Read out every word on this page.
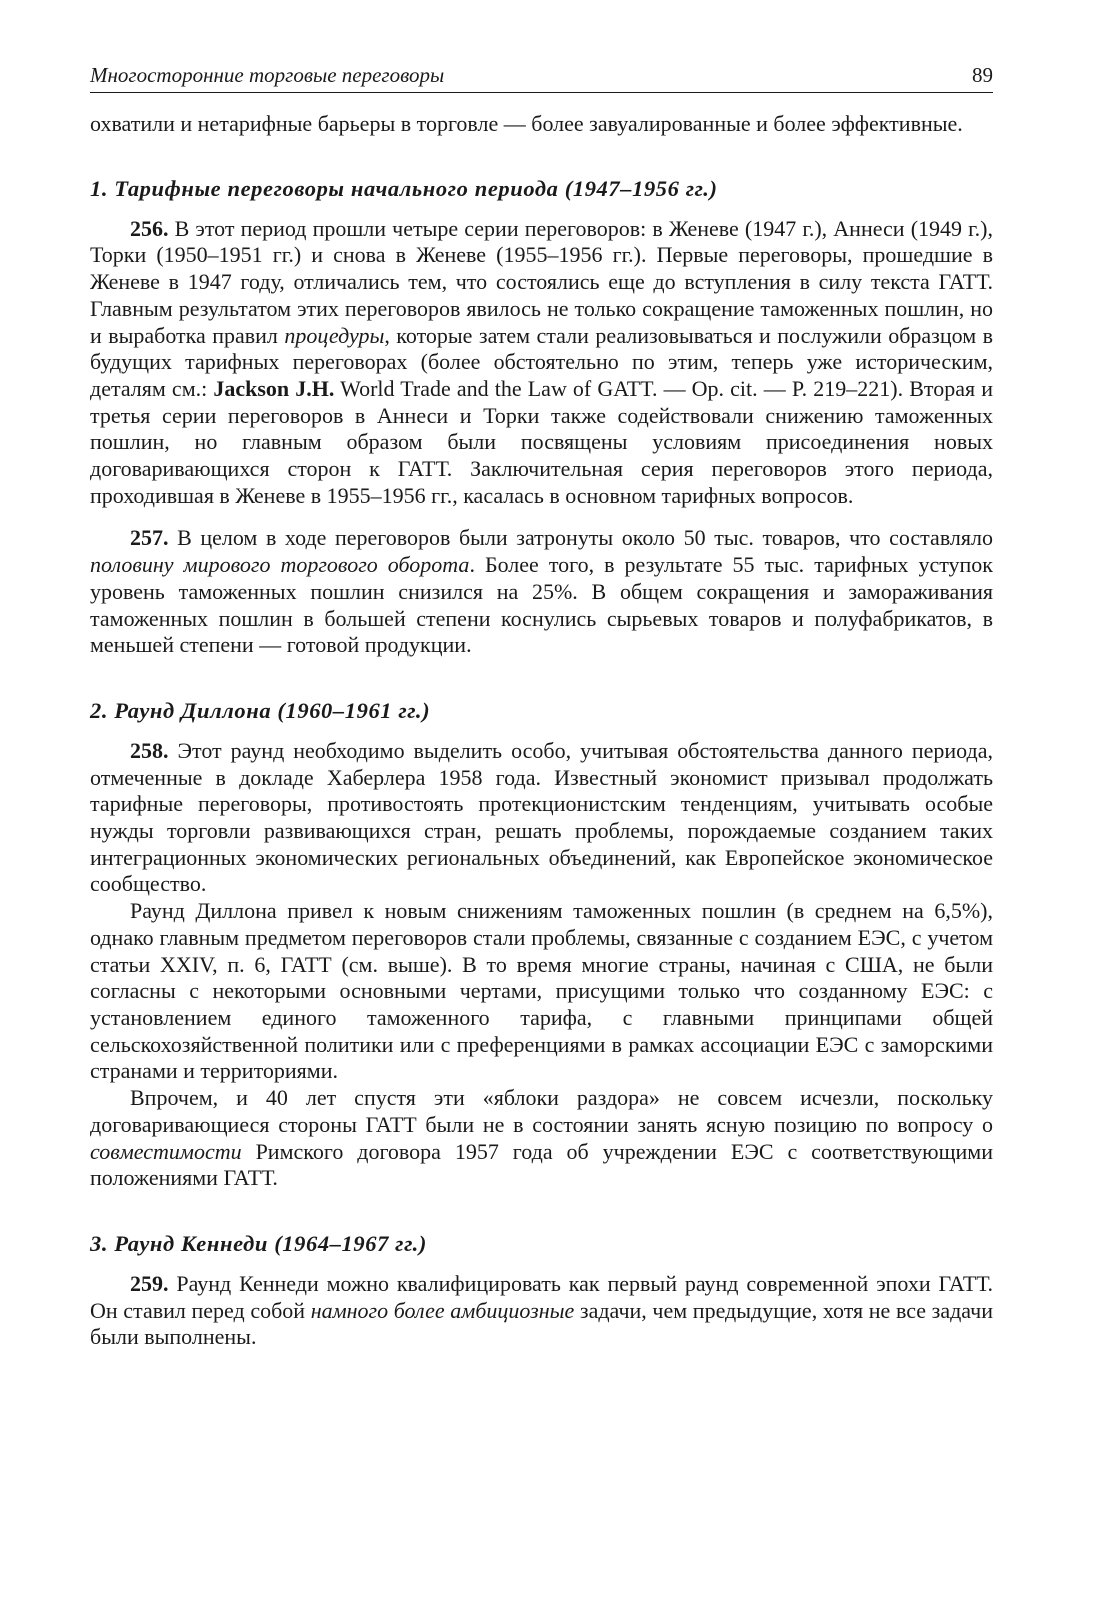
Многосторонние торговые переговоры	89

охватили и нетарифные барьеры в торговле — более завуалированные и более эффективные.

1. Тарифные переговоры начального периода (1947–1956 гг.)

256. В этот период прошли четыре серии переговоров: в Женеве (1947 г.), Аннеси (1949 г.), Торки (1950–1951 гг.) и снова в Женеве (1955–1956 гг.). Первые переговоры, прошедшие в Женеве в 1947 году, отличались тем, что состоялись еще до вступления в силу текста ГАТТ. Главным результатом этих переговоров явилось не только сокращение таможенных пошлин, но и выработка правил процедуры, которые затем стали реализовываться и послужили образцом в будущих тарифных переговорах (более обстоятельно по этим, теперь уже историческим, деталям см.: Jackson J.H. World Trade and the Law of GATT. — Op. cit. — P. 219–221). Вторая и третья серии переговоров в Аннеси и Торки также содействовали снижению таможенных пошлин, но главным образом были посвящены условиям присоединения новых договаривающихся сторон к ГАТТ. Заключительная серия переговоров этого периода, проходившая в Женеве в 1955–1956 гг., касалась в основном тарифных вопросов.

257. В целом в ходе переговоров были затронуты около 50 тыс. товаров, что составляло половину мирового торгового оборота. Более того, в результате 55 тыс. тарифных уступок уровень таможенных пошлин снизился на 25%. В общем сокращения и замораживания таможенных пошлин в большей степени коснулись сырьевых товаров и полуфабрикатов, в меньшей степени — готовой продукции.

2. Раунд Диллона (1960–1961 гг.)

258. Этот раунд необходимо выделить особо, учитывая обстоятельства данного периода, отмеченные в докладе Хаберлера 1958 года. Известный экономист призывал продолжать тарифные переговоры, противостоять протекционистским тенденциям, учитывать особые нужды торговли развивающихся стран, решать проблемы, порождаемые созданием таких интеграционных экономических региональных объединений, как Европейское экономическое сообщество.

Раунд Диллона привел к новым снижениям таможенных пошлин (в среднем на 6,5%), однако главным предметом переговоров стали проблемы, связанные с созданием ЕЭС, с учетом статьи XXIV, п. 6, ГАТТ (см. выше). В то время многие страны, начиная с США, не были согласны с некоторыми основными чертами, присущими только что созданному ЕЭС: с установлением единого таможенного тарифа, с главными принципами общей сельскохозяйственной политики или с преференциями в рамках ассоциации ЕЭС с заморскими странами и территориями.

Впрочем, и 40 лет спустя эти «яблоки раздора» не совсем исчезли, поскольку договаривающиеся стороны ГАТТ были не в состоянии занять ясную позицию по вопросу о совместимости Римского договора 1957 года об учреждении ЕЭС с соответствующими положениями ГАТТ.

3. Раунд Кеннеди (1964–1967 гг.)

259. Раунд Кеннеди можно квалифицировать как первый раунд современной эпохи ГАТТ. Он ставил перед собой намного более амбициозные задачи, чем предыдущие, хотя не все задачи были выполнены.
